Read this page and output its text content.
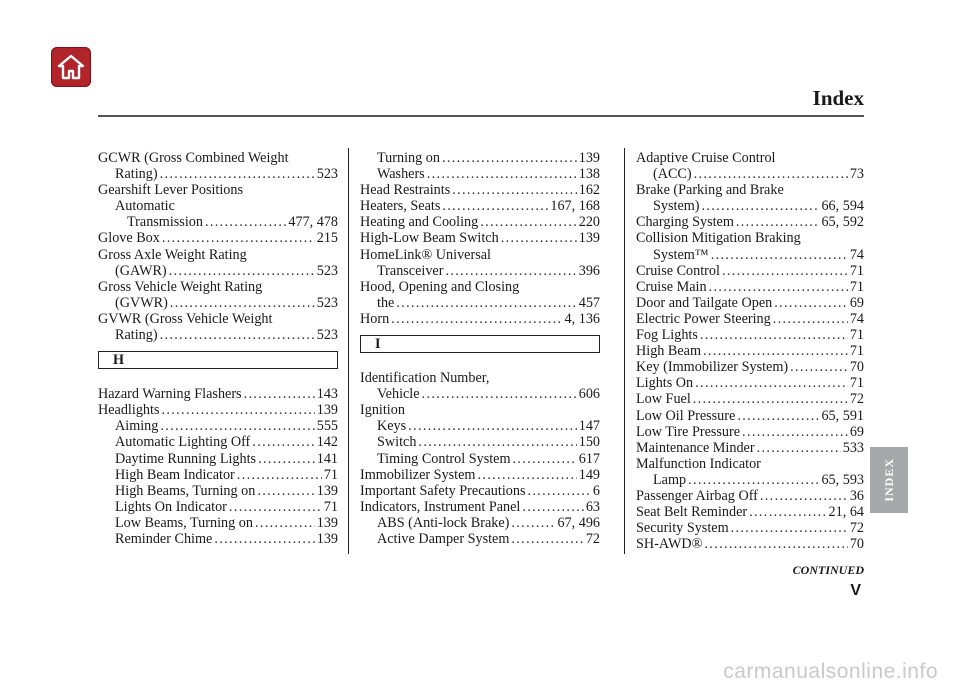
Index
GCWR (Gross Combined Weight
Rating) . . .	523
Gearshift Lever Positions
Automatic
Transmission . . .	477, 478
Glove Box . . .	215
Gross Axle Weight Rating
(GAWR) . . .	523
Gross Vehicle Weight Rating
(GVWR) . . .	523
GVWR (Gross Vehicle Weight
Rating) . . .	523
H
Hazard Warning Flashers . . .	143
Headlights . . .	139
Aiming . . .	555
Automatic Lighting Off . . .	142
Daytime Running Lights . . .	141
High Beam Indicator . . .	71
High Beams, Turning on . . .	139
Lights On Indicator . . .	71
Low Beams, Turning on . . .	139
Reminder Chime . . .	139
Turning on . . .	139
Washers . . .	138
Head Restraints . . .	162
Heaters, Seats . . .	167, 168
Heating and Cooling . . .	220
High-Low Beam Switch . . .	139
HomeLink® Universal
Transceiver . . .	396
Hood, Opening and Closing
the . . .	457
Horn . . .	4, 136
I
Identification Number,
Vehicle . . .	606
Ignition
Keys . . .	147
Switch . . .	150
Timing Control System . . .	617
Immobilizer System . . .	149
Important Safety Precautions . . .	6
Indicators, Instrument Panel . . .	63
ABS (Anti-lock Brake) . . .	67, 496
Active Damper System . . .	72
Adaptive Cruise Control
(ACC) . . .	73
Brake (Parking and Brake
System) . . .	66, 594
Charging System . . .	65, 592
Collision Mitigation Braking
System™ . . .	74
Cruise Control . . .	71
Cruise Main . . .	71
Door and Tailgate Open . . .	69
Electric Power Steering . . .	74
Fog Lights . . .	71
High Beam . . .	71
Key (Immobilizer System) . . .	70
Lights On . . .	71
Low Fuel . . .	72
Low Oil Pressure . . .	65, 591
Low Tire Pressure . . .	69
Maintenance Minder . . .	533
Malfunction Indicator
Lamp . . .	65, 593
Passenger Airbag Off . . .	36
Seat Belt Reminder . . .	21, 64
Security System . . .	72
SH-AWD® . . .	70
INDEX
CONTINUED
V
carmanualsonline.info
